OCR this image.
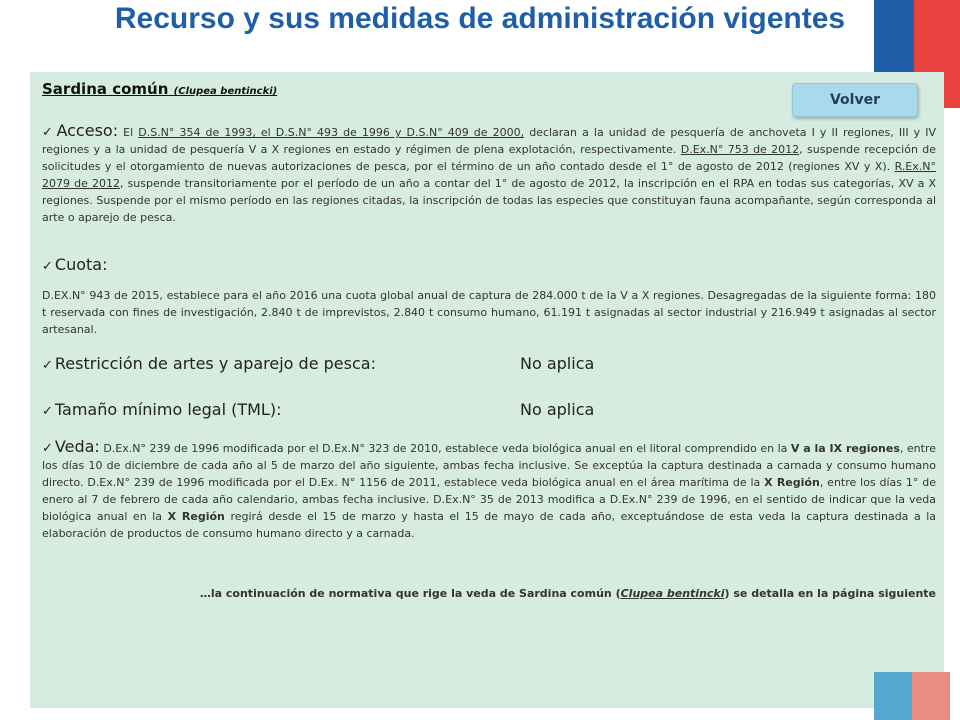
Recurso y sus medidas de administración vigentes
Sardina común (Clupea bentincki)
Volver
✓ Acceso: El D.S.N° 354 de 1993, el D.S.N° 493 de 1996 y D.S.N° 409 de 2000, declaran a la unidad de pesquería de anchoveta I y II regiones, III y IV regiones y a la unidad de pesquería V a X regiones en estado y régimen de plena explotación, respectivamente. D.Ex.N° 753 de 2012, suspende recepción de solicitudes y el otorgamiento de nuevas autorizaciones de pesca, por el término de un año contado desde el 1° de agosto de 2012 (regiones XV y X). R.Ex.N° 2079 de 2012, suspende transitoriamente por el período de un año a contar del 1° de agosto de 2012, la inscripción en el RPA en todas sus categorías, XV a X regiones. Suspende por el mismo período en las regiones citadas, la inscripción de todas las especies que constituyan fauna acompañante, según corresponda al arte o aparejo de pesca.
✓ Cuota:
D.EX.N° 943 de 2015, establece para el año 2016 una cuota global anual de captura de 284.000 t de la V a X regiones. Desagregadas de la siguiente forma: 180 t reservada con fines de investigación, 2.840 t de imprevistos, 2.840 t consumo humano, 61.191 t asignadas al sector industrial y 216.949 t asignadas al sector artesanal.
✓ Restricción de artes y aparejo de pesca:	No aplica
✓ Tamaño mínimo legal (TML):	No aplica
✓ Veda: D.Ex.N° 239 de 1996 modificada por el D.Ex.N° 323 de 2010, establece veda biológica anual en el litoral comprendido en la V a la IX regiones, entre los días 10 de diciembre de cada año al 5 de marzo del año siguiente, ambas fecha inclusive. Se exceptúa la captura destinada a carnada y consumo humano directo. D.Ex.N° 239 de 1996 modificada por el D.Ex. N° 1156 de 2011, establece veda biológica anual en el área marítima de la X Región, entre los días 1° de enero al 7 de febrero de cada año calendario, ambas fecha inclusive. D.Ex.N° 35 de 2013 modifica a D.Ex.N° 239 de 1996, en el sentido de indicar que la veda biológica anual en la X Región regirá desde el 15 de marzo y hasta el 15 de mayo de cada año, exceptuándose de esta veda la captura destinada a la elaboración de productos de consumo humano directo y a carnada.
…la continuación de normativa que rige la veda de Sardina común (Clupea bentincki) se detalla en la página siguiente
